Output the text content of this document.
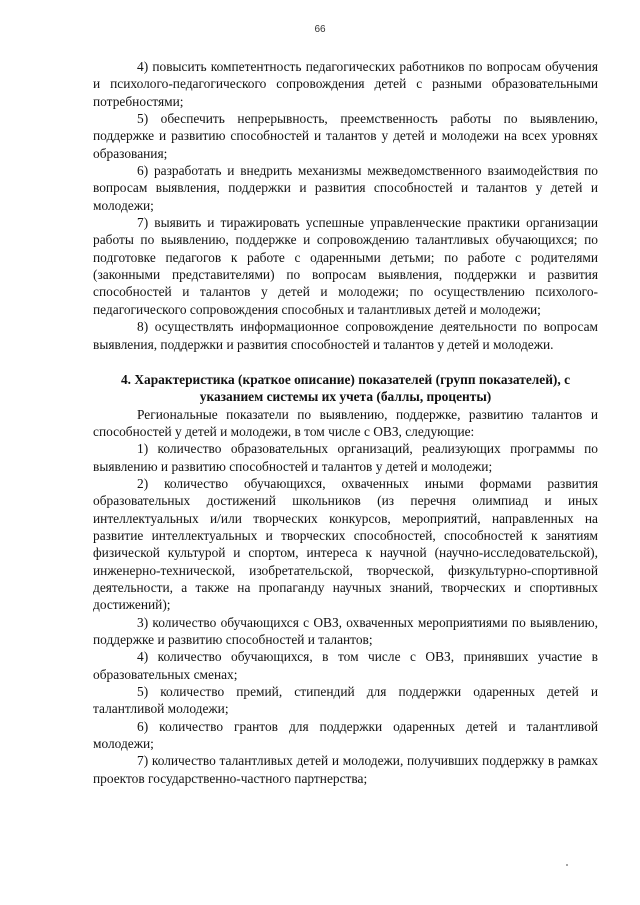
66

4) повысить компетентность педагогических работников по вопросам обучения и психолого-педагогического сопровождения детей с разными образовательными потребностями;

5) обеспечить непрерывность, преемственность работы по выявлению, поддержке и развитию способностей и талантов у детей и молодежи на всех уровнях образования;

6) разработать и внедрить механизмы межведомственного взаимодействия по вопросам выявления, поддержки и развития способностей и талантов у детей и молодежи;

7) выявить и тиражировать успешные управленческие практики организации работы по выявлению, поддержке и сопровождению талантливых обучающихся; по подготовке педагогов к работе с одаренными детьми; по работе с родителями (законными представителями) по вопросам выявления, поддержки и развития способностей и талантов у детей и молодежи; по осуществлению психолого-педагогического сопровождения способных и талантливых детей и молодежи;

8) осуществлять информационное сопровождение деятельности по вопросам выявления, поддержки и развития способностей и талантов у детей и молодежи.

4. Характеристика (краткое описание) показателей (групп показателей), с указанием системы их учета (баллы, проценты)

Региональные показатели по выявлению, поддержке, развитию талантов и способностей у детей и молодежи, в том числе с ОВЗ, следующие:

1) количество образовательных организаций, реализующих программы по выявлению и развитию способностей и талантов у детей и молодежи;

2) количество обучающихся, охваченных иными формами развития образовательных достижений школьников (из перечня олимпиад и иных интеллектуальных и/или творческих конкурсов, мероприятий, направленных на развитие интеллектуальных и творческих способностей, способностей к занятиям физической культурой и спортом, интереса к научной (научно-исследовательской), инженерно-технической, изобретательской, творческой, физкультурно-спортивной деятельности, а также на пропаганду научных знаний, творческих и спортивных достижений);

3) количество обучающихся с ОВЗ, охваченных мероприятиями по выявлению, поддержке и развитию способностей и талантов;

4) количество обучающихся, в том числе с ОВЗ, принявших участие в образовательных сменах;

5) количество премий, стипендий для поддержки одаренных детей и талантливой молодежи;

6) количество грантов для поддержки одаренных детей и талантливой молодежи;

7) количество талантливых детей и молодежи, получивших поддержку в рамках проектов государственно-частного партнерства;
